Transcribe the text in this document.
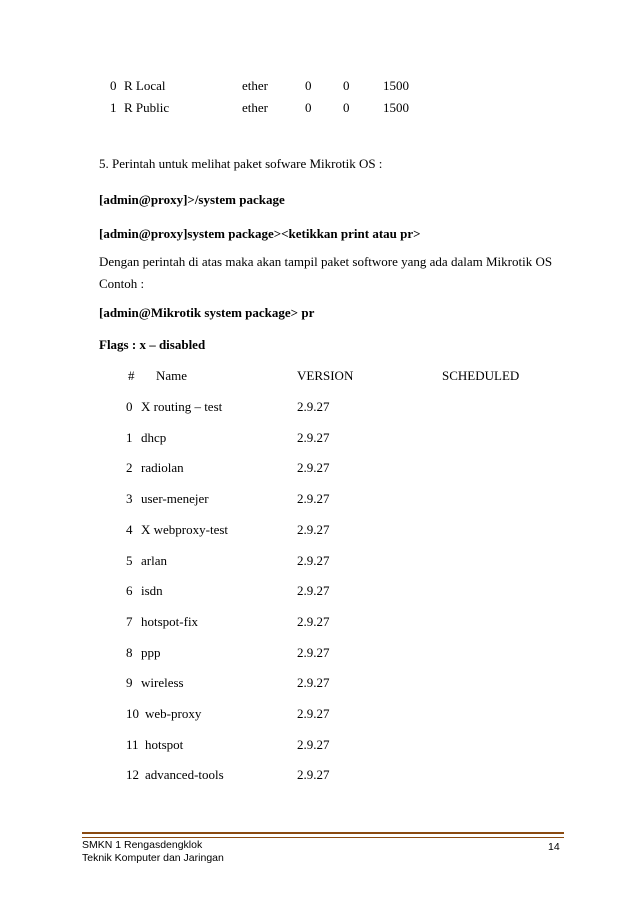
0 R Local	ether	0 0	1500
1 R Public	ether	0 0	1500
5. Perintah untuk melihat paket sofware Mikrotik OS :
[admin@proxy]>/system package
[admin@proxy]system package><ketikkan print atau pr>
Dengan perintah di atas maka akan tampil paket softwore yang ada dalam Mikrotik OS
Contoh :
[admin@Mikrotik system package> pr
Flags : x – disabled
# Name	VERSION	SCHEDULED
0 X routing – test	2.9.27
1 dhcp	2.9.27
2 radiolan	2.9.27
3 user-menejer	2.9.27
4 X webproxy-test	2.9.27
5 arlan	2.9.27
6 isdn	2.9.27
7 hotspot-fix	2.9.27
8 ppp	2.9.27
9 wireless	2.9.27
10 web-proxy	2.9.27
11 hotspot	2.9.27
12 advanced-tools	2.9.27
SMKN 1 Rengasdengklok
Teknik Komputer dan Jaringan
14
